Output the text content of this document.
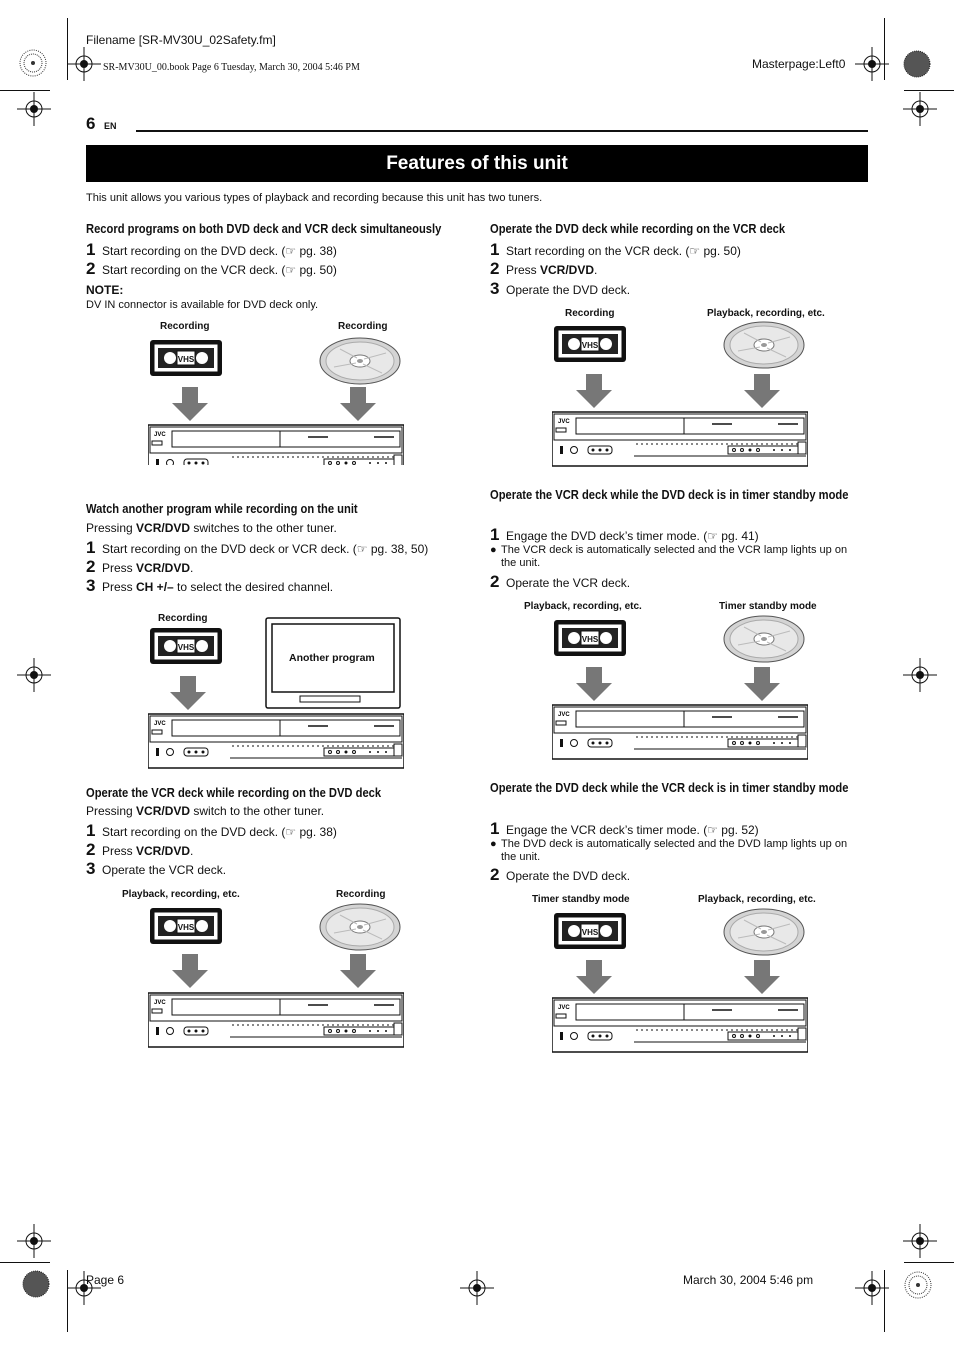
Filename [SR-MV30U_02Safety.fm]
SR-MV30U_00.book Page 6 Tuesday, March 30, 2004 5:46 PM	Masterpage:Left0
6 EN
Features of this unit
This unit allows you various types of playback and recording because this unit has two tuners.
Record programs on both DVD deck and VCR deck simultaneously
1 Start recording on the DVD deck. (☞ pg. 38)
2 Start recording on the VCR deck. (☞ pg. 50)
NOTE:
DV IN connector is available for DVD deck only.
Recording	Recording
Watch another program while recording on the unit
Pressing VCR/DVD switches to the other tuner.
1 Start recording on the DVD deck or VCR deck. (☞ pg. 38, 50)
2 Press VCR/DVD.
3 Press CH +/– to select the desired channel.
Recording
Another program
Operate the VCR deck while recording on the DVD deck
Pressing VCR/DVD switch to the other tuner.
1 Start recording on the DVD deck. (☞ pg. 38)
2 Press VCR/DVD.
3 Operate the VCR deck.
Playback, recording, etc.	Recording
Operate the DVD deck while recording on the VCR deck
1 Start recording on the VCR deck. (☞ pg. 50)
2 Press VCR/DVD.
3 Operate the DVD deck.
Recording	Playback, recording, etc.
Operate the VCR deck while the DVD deck is in timer standby mode
1 Engage the DVD deck’s timer mode. (☞ pg. 41)
● The VCR deck is automatically selected and the VCR lamp lights up on the unit.
2 Operate the VCR deck.
Playback, recording, etc.	Timer standby mode
Operate the DVD deck while the VCR deck is in timer standby mode
1 Engage the VCR deck’s timer mode. (☞ pg. 52)
● The DVD deck is automatically selected and the DVD lamp lights up on the unit.
2 Operate the DVD deck.
Timer standby mode	Playback, recording, etc.
Page 6	March 30, 2004 5:46 pm
